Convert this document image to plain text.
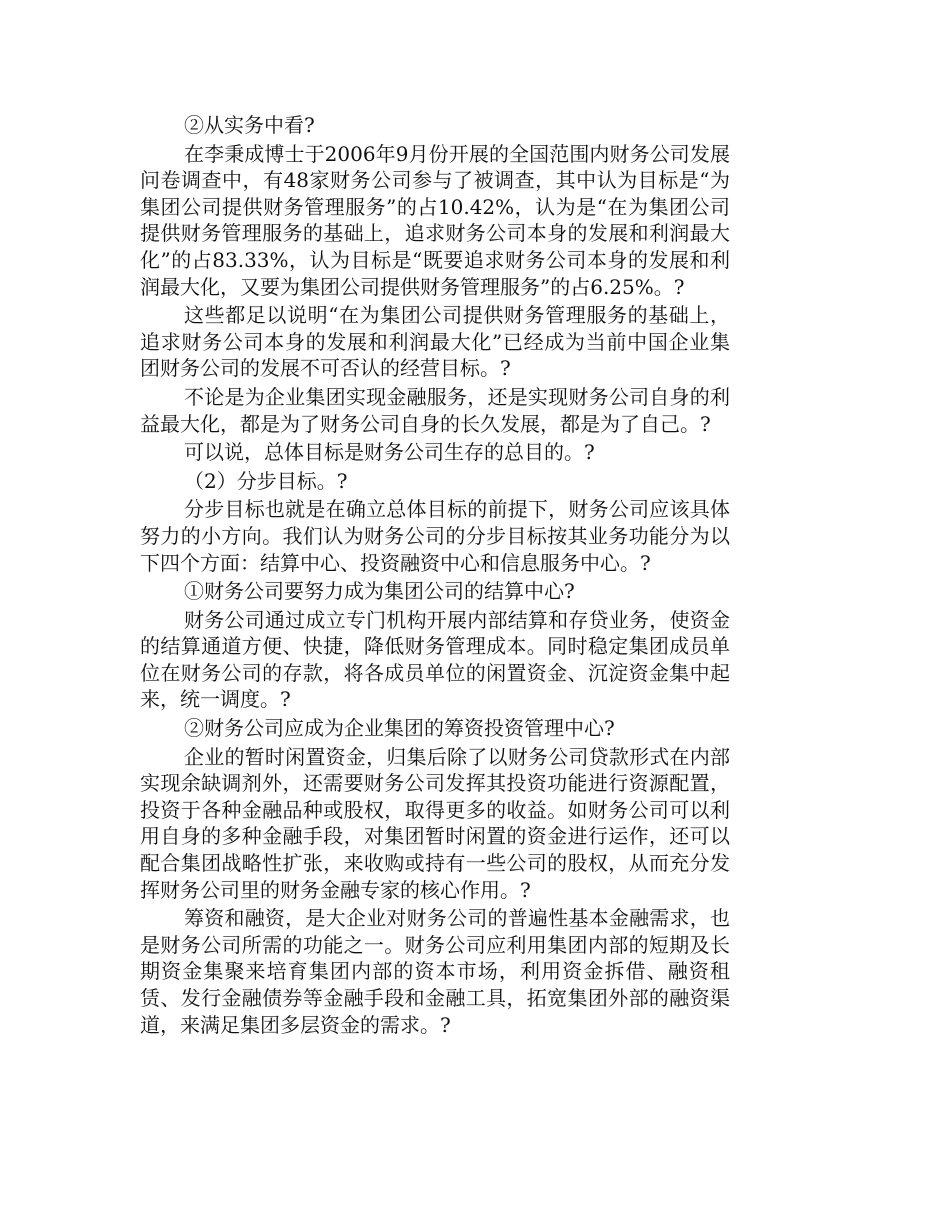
②从实务中看?

在李秉成博士于2006年9月份开展的全国范围内财务公司发展问卷调查中，有48家财务公司参与了被调查，其中认为目标是“为集团公司提供财务管理服务”的占10.42%，认为是“在为集团公司提供财务管理服务的基础上，追求财务公司本身的发展和利润最大化”的占83.33%，认为目标是“既要追求财务公司本身的发展和利润最大化，又要为集团公司提供财务管理服务”的占6.25%。?

这些都足以说明“在为集团公司提供财务管理服务的基础上，追求财务公司本身的发展和利润最大化”已经成为当前中国企业集团财务公司的发展不可否认的经营目标。?

不论是为企业集团实现金融服务，还是实现财务公司自身的利益最大化，都是为了财务公司自身的长久发展，都是为了自己。?

可以说，总体目标是财务公司生存的总目的。?

（2）分步目标。?

分步目标也就是在确立总体目标的前提下，财务公司应该具体努力的小方向。我们认为财务公司的分步目标按其业务功能分为以下四个方面：结算中心、投资融资中心和信息服务中心。?

①财务公司要努力成为集团公司的结算中心?

财务公司通过成立专门机构开展内部结算和存贷业务，使资金的结算通道方便、快捷，降低财务管理成本。同时稳定集团成员单位在财务公司的存款，将各成员单位的闲置资金、沉淀资金集中起来，统一调度。?

②财务公司应成为企业集团的筹资投资管理中心?

企业的暂时闲置资金，归集后除了以财务公司贷款形式在内部实现余缺调剂外，还需要财务公司发挥其投资功能进行资源配置，投资于各种金融品种或股权，取得更多的收益。如财务公司可以利用自身的多种金融手段，对集团暂时闲置的资金进行运作，还可以配合集团战略性扩张，来收购或持有一些公司的股权，从而充分发挥财务公司里的财务金融专家的核心作用。?

筹资和融资，是大企业对财务公司的普遍性基本金融需求，也是财务公司所需的功能之一。财务公司应利用集团内部的短期及长期资金集聚来培育集团内部的资本市场，利用资金拆借、融资租赁、发行金融债券等金融手段和金融工具，拓宽集团外部的融资渠道，来满足集团多层资金的需求。?
